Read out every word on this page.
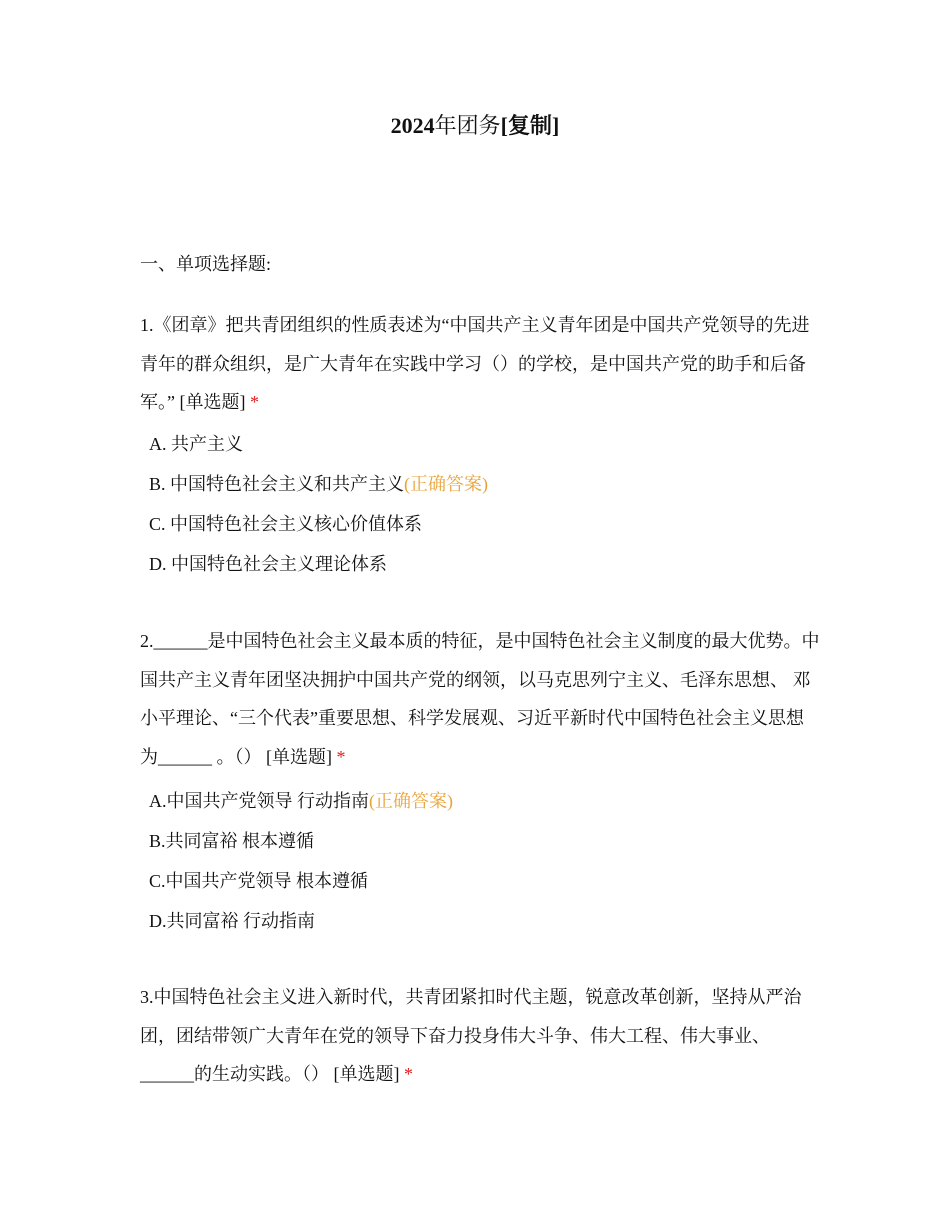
2024年团务[复制]
一、单项选择题:
1.《团章》把共青团组织的性质表述为“中国共产主义青年团是中国共产党领导的先进青年的群众组织，是广大青年在实践中学习（）的学校，是中国共产党的助手和后备军。” [单选题] *
A. 共产主义
B. 中国特色社会主义和共产主义(正确答案)
C. 中国特色社会主义核心价值体系
D. 中国特色社会主义理论体系
2.______是中国特色社会主义最本质的特征，是中国特色社会主义制度的最大优势。中国共产主义青年团坚决拥护中国共产党的纲领，以马克思列宁主义、毛泽东思想、 邓小平理论、“三个代表”重要思想、科学发展观、习近平新时代中国特色社会主义思想为______ 。（） [单选题] *
A.中国共产党领导 行动指南(正确答案)
B.共同富裕 根本遵循
C.中国共产党领导 根本遵循
D.共同富裕 行动指南
3.中国特色社会主义进入新时代，共青团紧扣时代主题，锐意改革创新，坚持从严治 团，团结带领广大青年在党的领导下奋力投身伟大斗争、伟大工程、伟大事业、______的生动实践。（） [单选题] *
